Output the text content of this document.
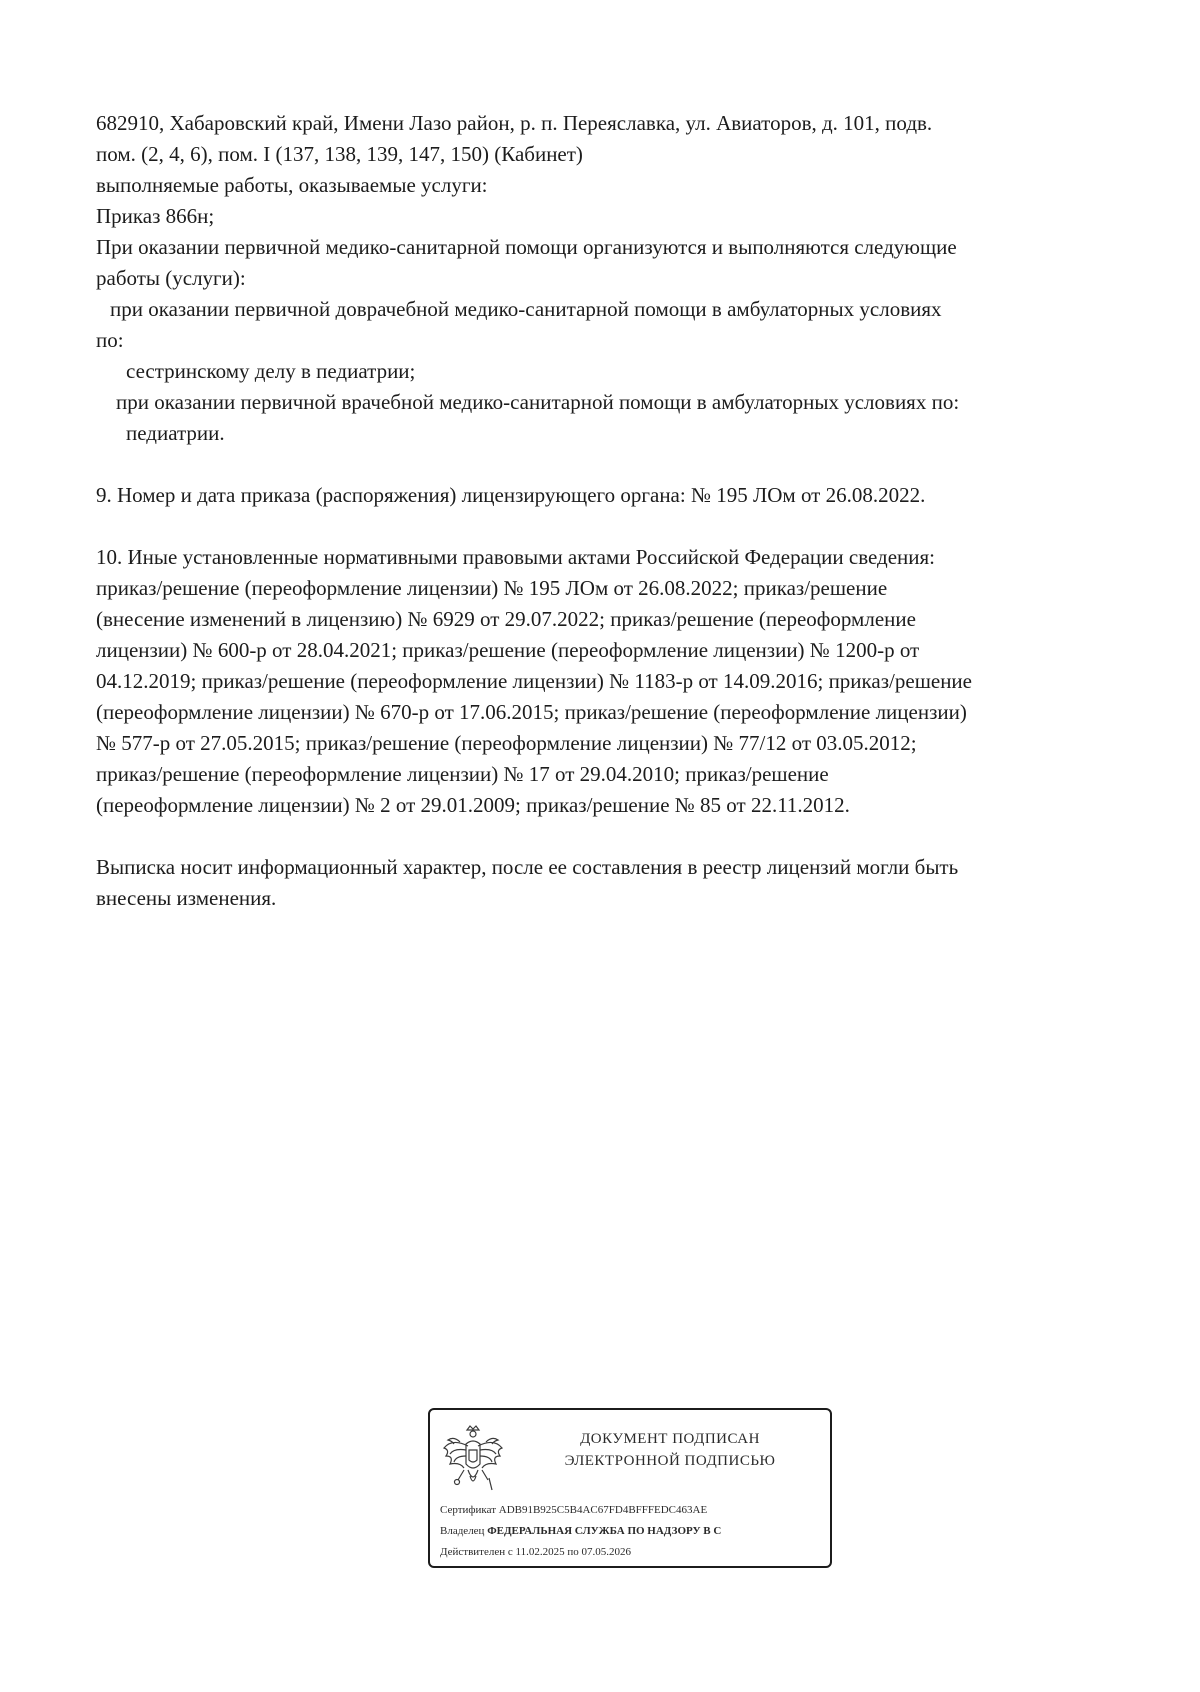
682910, Хабаровский край, Имени Лазо район, р. п. Переяславка, ул. Авиаторов, д. 101, подв.
пом. (2, 4, 6), пом. I (137, 138, 139, 147, 150) (Кабинет)
выполняемые работы, оказываемые услуги:
Приказ 866н;
При оказании первичной медико-санитарной помощи организуются и выполняются следующие
работы (услуги):
при оказании первичной доврачебной медико-санитарной помощи в амбулаторных условиях
по:
сестринскому делу в педиатрии;
при оказании первичной врачебной медико-санитарной помощи в амбулаторных условиях по:
педиатрии.
9. Номер и дата приказа (распоряжения) лицензирующего органа: № 195 ЛОм от 26.08.2022.
10. Иные установленные нормативными правовыми актами Российской Федерации сведения:
приказ/решение (переоформление лицензии) № 195 ЛОм от 26.08.2022; приказ/решение
(внесение изменений в лицензию) № 6929 от 29.07.2022; приказ/решение (переоформление
лицензии) № 600-р от 28.04.2021; приказ/решение (переоформление лицензии) № 1200-р от
04.12.2019; приказ/решение (переоформление лицензии) № 1183-р от 14.09.2016; приказ/решение
(переоформление лицензии) № 670-р от 17.06.2015; приказ/решение (переоформление лицензии)
№ 577-р от 27.05.2015; приказ/решение (переоформление лицензии) № 77/12 от 03.05.2012;
приказ/решение (переоформление лицензии) № 17 от 29.04.2010; приказ/решение
(переоформление лицензии) № 2 от 29.01.2009; приказ/решение № 85 от 22.11.2012.
Выписка носит информационный характер, после ее составления в реестр лицензий могли быть
внесены изменения.
ДОКУМЕНТ ПОДПИСАН
ЭЛЕКТРОННОЙ ПОДПИСЬЮ
Сертификат ADB91B925C5B4AC67FD4BFFFEDC463AE
Владелец ФЕДЕРАЛЬНАЯ СЛУЖБА ПО НАДЗОРУ В С
Действителен с 11.02.2025 по 07.05.2026
